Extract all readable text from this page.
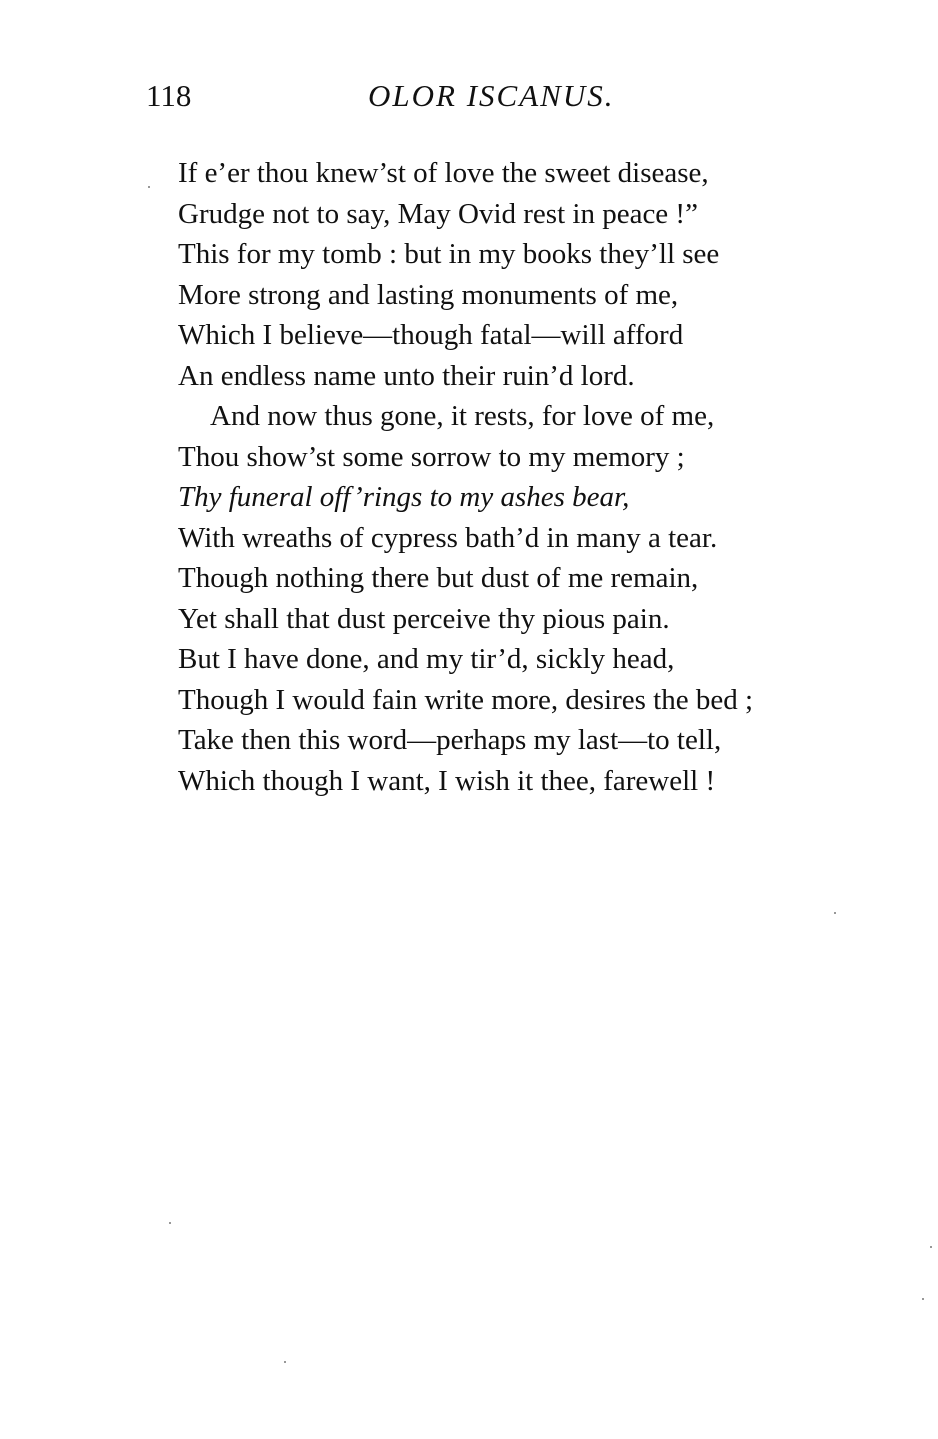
118	OLOR ISCANUS.
If e’er thou knew’st of love the sweet disease,
Grudge not to say, May Ovid rest in peace !”
This for my tomb : but in my books they’ll see
More strong and lasting monuments of me,
Which I believe—though fatal—will afford
An endless name unto their ruin’d lord.
And now thus gone, it rests, for love of me,
Thou show’st some sorrow to my memory ;
Thy funeral off’rings to my ashes bear,
With wreaths of cypress bath’d in many a tear.
Though nothing there but dust of me remain,
Yet shall that dust perceive thy pious pain.
But I have done, and my tir’d, sickly head,
Though I would fain write more, desires the bed ;
Take then this word—perhaps my last—to tell,
Which though I want, I wish it thee, farewell !
